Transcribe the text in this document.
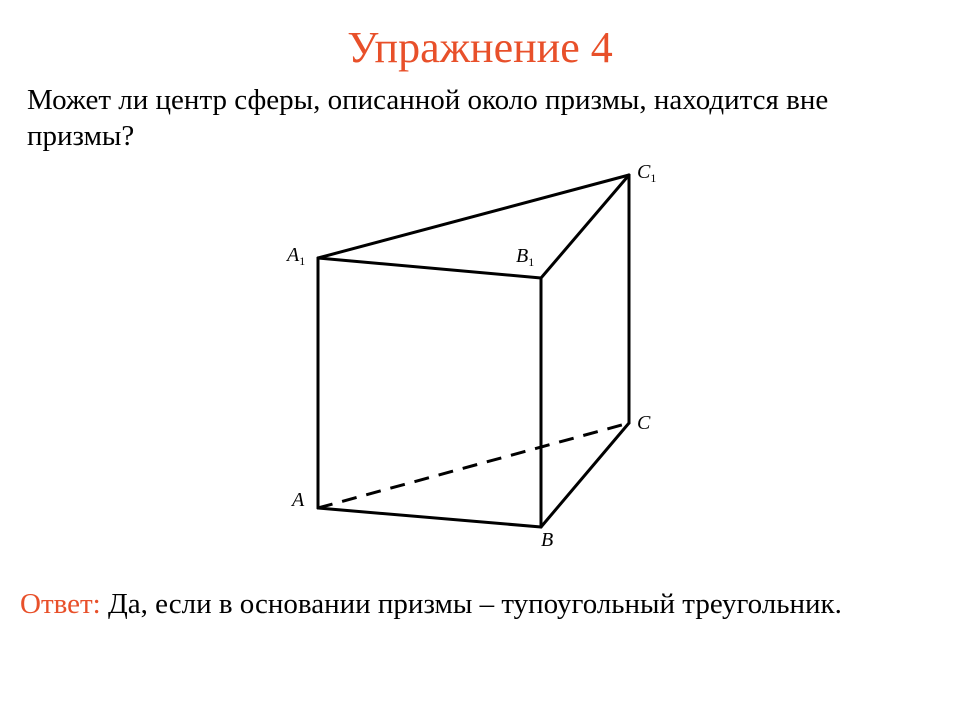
Упражнение 4
Может ли центр сферы, описанной около призмы, находится вне призмы?
$A_1$	$B_1$
$C_1$
C
A
B
Ответ: Да, если в основании призмы – тупоугольный треугольник.
